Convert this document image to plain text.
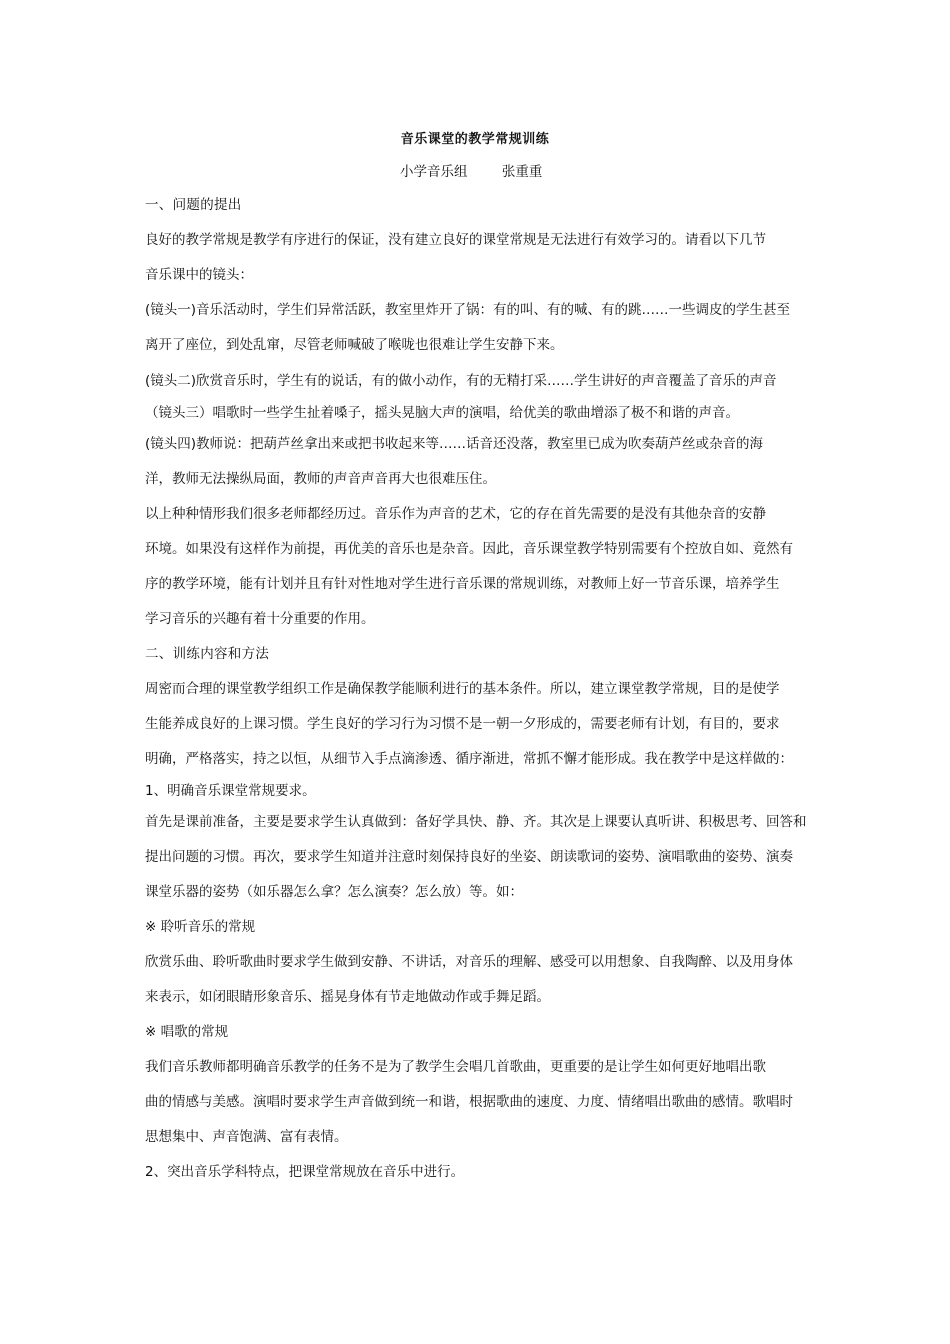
音乐课堂的教学常规训练
小学音乐组        张重重

一、问题的提出

良好的教学常规是教学有序进行的保证，没有建立良好的课堂常规是无法进行有效学习的。请看以下几节

音乐课中的镜头：

(镜头一)音乐活动时，学生们异常活跃，教室里炸开了锅：有的叫、有的喊、有的跳……一些调皮的学生甚至

离开了座位，到处乱窜，尽管老师喊破了喉咙也很难让学生安静下来。

(镜头二)欣赏音乐时，学生有的说话，有的做小动作，有的无精打采……学生讲好的声音覆盖了音乐的声音

（镜头三）唱歌时一些学生扯着嗓子，摇头晃脑大声的演唱，给优美的歌曲增添了极不和谐的声音。

(镜头四)教师说：把葫芦丝拿出来或把书收起来等……话音还没落，教室里已成为吹奏葫芦丝或杂音的海

洋，教师无法操纵局面，教师的声音声音再大也很难压住。

以上种种情形我们很多老师都经历过。音乐作为声音的艺术，它的存在首先需要的是没有其他杂音的安静

环境。如果没有这样作为前提，再优美的音乐也是杂音。因此，音乐课堂教学特别需要有个控放自如、竟然有

序的教学环境，能有计划并且有针对性地对学生进行音乐课的常规训练，对教师上好一节音乐课，培养学生

学习音乐的兴趣有着十分重要的作用。

二、训练内容和方法

周密而合理的课堂教学组织工作是确保教学能顺利进行的基本条件。所以，建立课堂教学常规，目的是使学

生能养成良好的上课习惯。学生良好的学习行为习惯不是一朝一夕形成的，需要老师有计划，有目的，要求

明确，严格落实，持之以恒，从细节入手点滴渗透、循序渐进，常抓不懈才能形成。我在教学中是这样做的：

1、明确音乐课堂常规要求。

首先是课前准备，主要是要求学生认真做到：备好学具快、静、齐。其次是上课要认真听讲、积极思考、回答和

提出问题的习惯。再次，要求学生知道并注意时刻保持良好的坐姿、朗读歌词的姿势、演唱歌曲的姿势、演奏

课堂乐器的姿势（如乐器怎么拿？怎么演奏？怎么放）等。如：

※ 聆听音乐的常规

欣赏乐曲、聆听歌曲时要求学生做到安静、不讲话，对音乐的理解、感受可以用想象、自我陶醉、以及用身体

来表示，如闭眼睛形象音乐、摇晃身体有节走地做动作或手舞足蹈。

※ 唱歌的常规

我们音乐教师都明确音乐教学的任务不是为了教学生会唱几首歌曲，更重要的是让学生如何更好地唱出歌

曲的情感与美感。演唱时要求学生声音做到统一和谐，根据歌曲的速度、力度、情绪唱出歌曲的感情。歌唱时

思想集中、声音饱满、富有表情。

2、突出音乐学科特点，把课堂常规放在音乐中进行。
